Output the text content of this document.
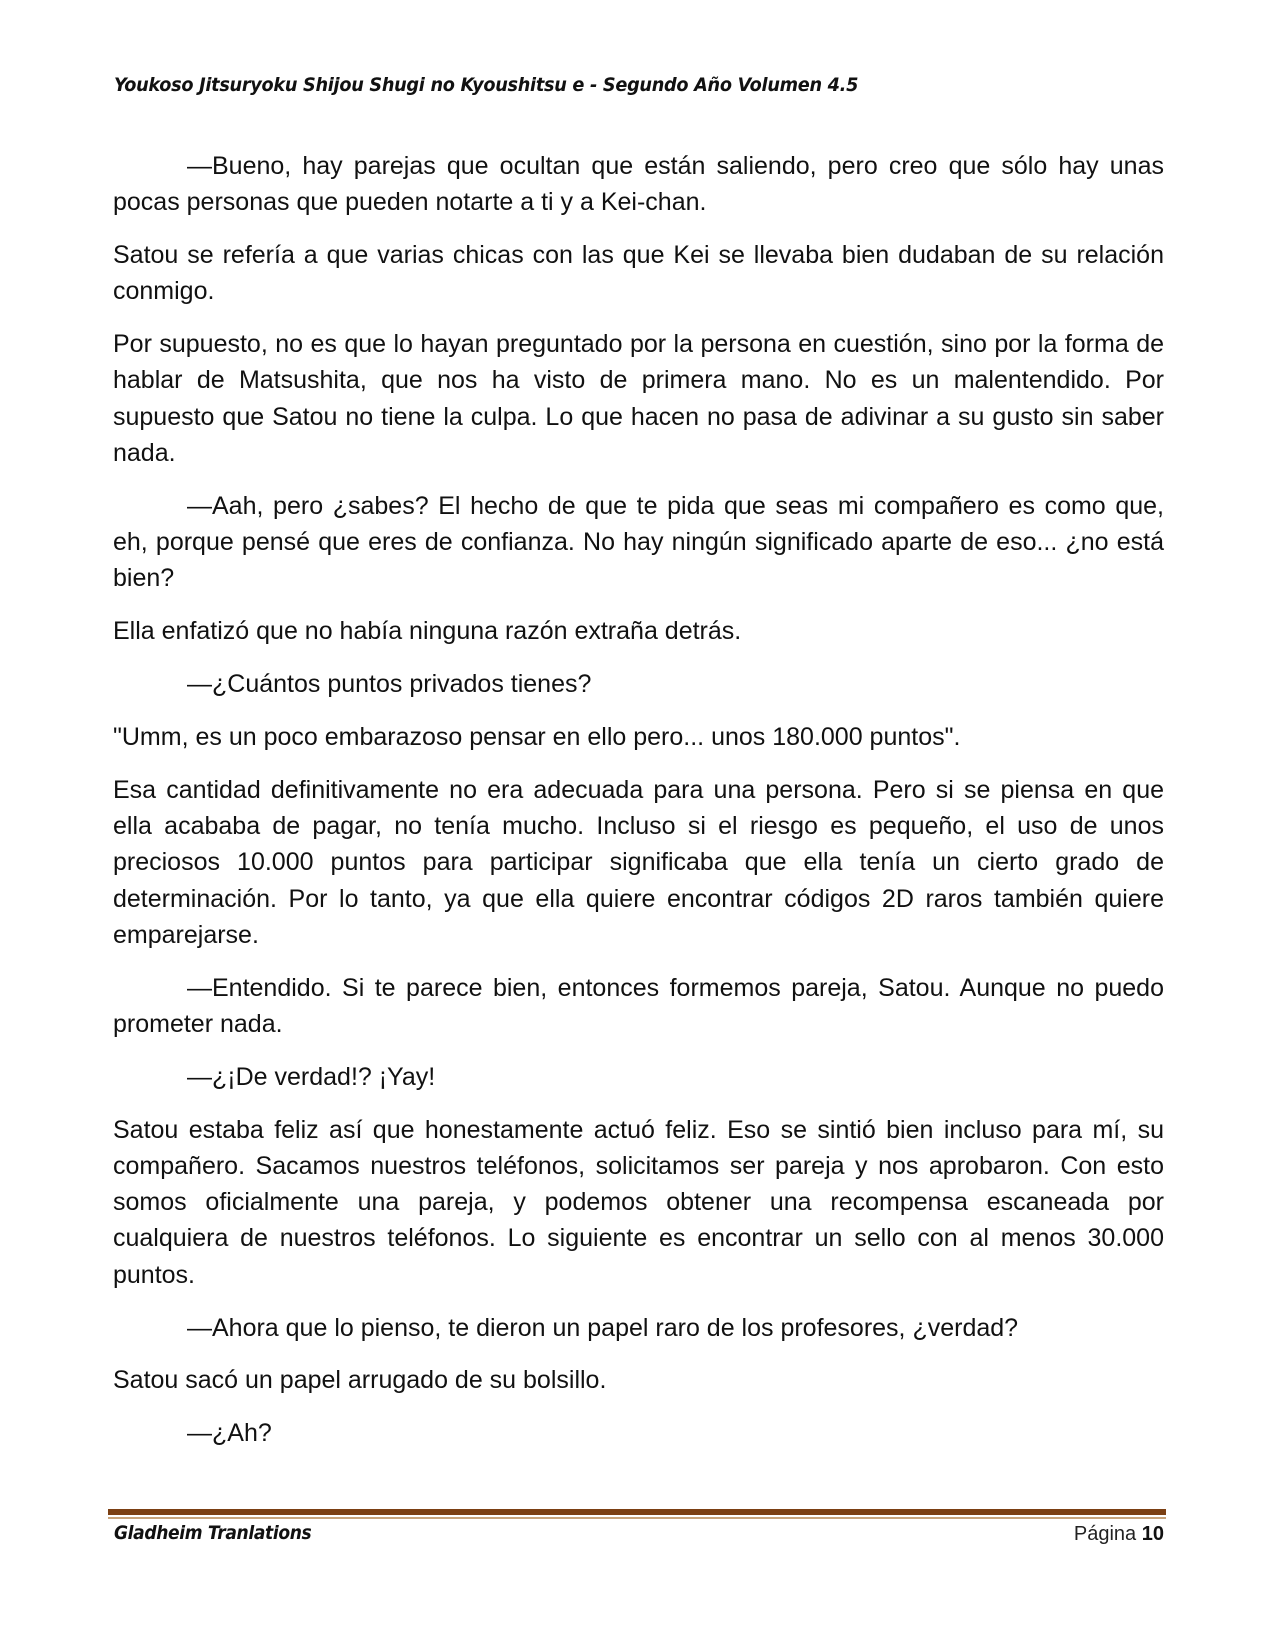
Youkoso Jitsuryoku Shijou Shugi no Kyoushitsu e - Segundo Año Volumen 4.5

—Bueno, hay parejas que ocultan que están saliendo, pero creo que sólo hay unas pocas personas que pueden notarte a ti y a Kei-chan.

Satou se refería a que varias chicas con las que Kei se llevaba bien dudaban de su relación conmigo.

Por supuesto, no es que lo hayan preguntado por la persona en cuestión, sino por la forma de hablar de Matsushita, que nos ha visto de primera mano. No es un malentendido. Por supuesto que Satou no tiene la culpa. Lo que hacen no pasa de adivinar a su gusto sin saber nada.

—Aah, pero ¿sabes? El hecho de que te pida que seas mi compañero es como que, eh, porque pensé que eres de confianza. No hay ningún significado aparte de eso... ¿no está bien?

Ella enfatizó que no había ninguna razón extraña detrás.

—¿Cuántos puntos privados tienes?

"Umm, es un poco embarazoso pensar en ello pero... unos 180.000 puntos".

Esa cantidad definitivamente no era adecuada para una persona. Pero si se piensa en que ella acababa de pagar, no tenía mucho. Incluso si el riesgo es pequeño, el uso de unos preciosos 10.000 puntos para participar significaba que ella tenía un cierto grado de determinación. Por lo tanto, ya que ella quiere encontrar códigos 2D raros también quiere emparejarse.

—Entendido. Si te parece bien, entonces formemos pareja, Satou. Aunque no puedo prometer nada.

—¿¡De verdad!? ¡Yay!

Satou estaba feliz así que honestamente actuó feliz. Eso se sintió bien incluso para mí, su compañero. Sacamos nuestros teléfonos, solicitamos ser pareja y nos aprobaron. Con esto somos oficialmente una pareja, y podemos obtener una recompensa escaneada por cualquiera de nuestros teléfonos. Lo siguiente es encontrar un sello con al menos 30.000 puntos.

—Ahora que lo pienso, te dieron un papel raro de los profesores, ¿verdad?

Satou sacó un papel arrugado de su bolsillo.

—¿Ah?

Gladheim Tranlations	Página 10
